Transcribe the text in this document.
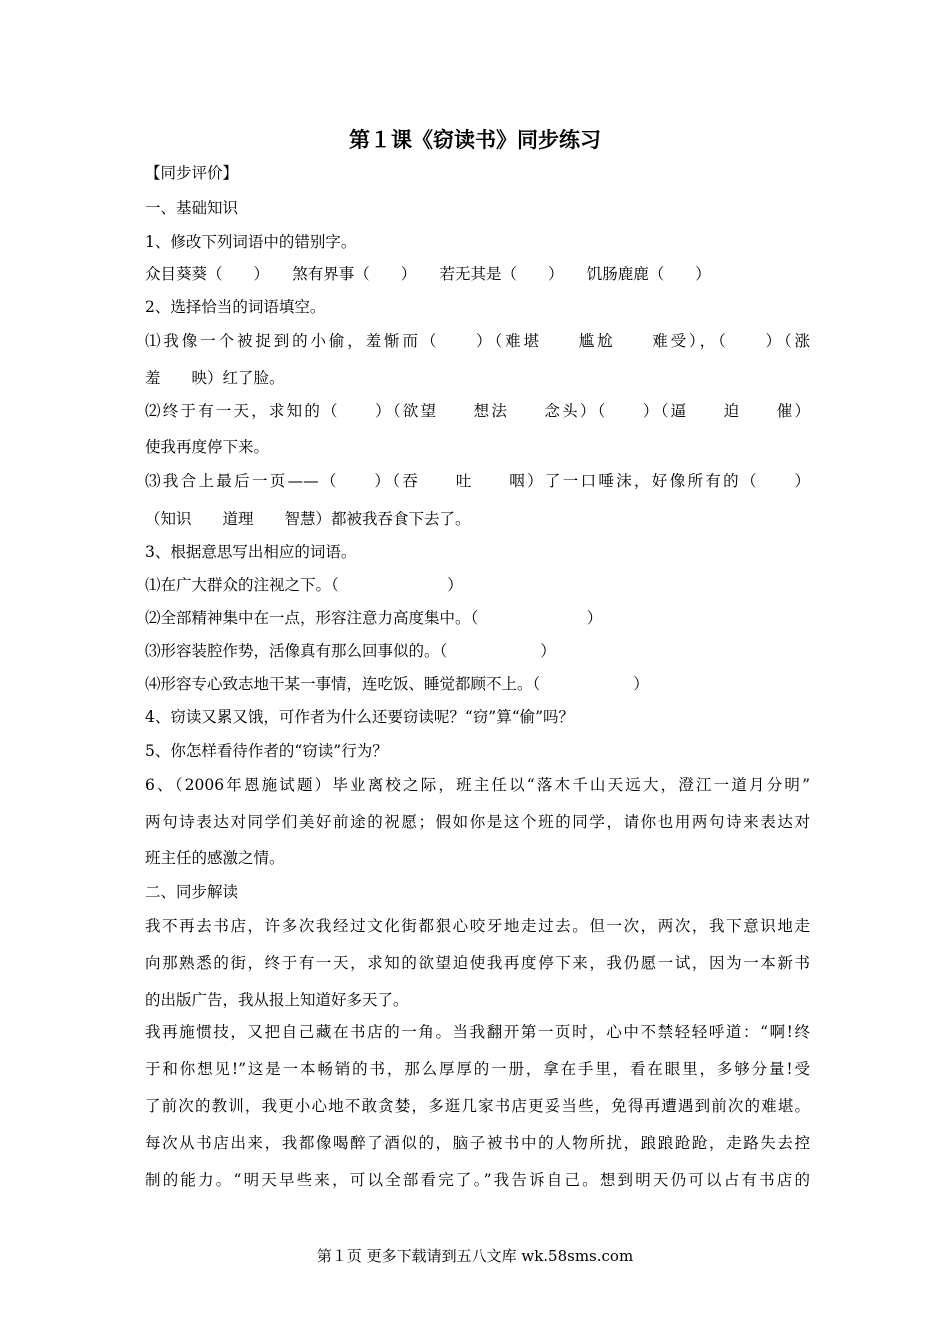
第１课《窃读书》同步练习
【同步评价】
一、基础知识
1、修改下列词语中的错别字。
众目葵葵（　　）　　煞有界事（　　）　　若无其是（　　）　　饥肠鹿鹿（　　）
2、选择恰当的词语填空。
⑴我像一个被捉到的小偷，羞惭而（　　）（难堪　　尴尬　　难受），（　　）（涨
羞　　映）红了脸。
⑵终于有一天，求知的（　　）（欲望　　想法　　念头）（　　）（逼　　迫　　催）
使我再度停下来。
⑶我合上最后一页——（　　）（吞　　吐　　咽）了一口唾沫，好像所有的（　　）
（知识　　道理　　智慧）都被我吞食下去了。
3、根据意思写出相应的词语。
⑴在广大群众的注视之下。（　　　　　　　）
⑵全部精神集中在一点，形容注意力高度集中。（　　　　　　　）
⑶形容装腔作势，活像真有那么回事似的。（　　　　　　）
⑷形容专心致志地干某一事情，连吃饭、睡觉都顾不上。（　　　　　　）
4、窃读又累又饿，可作者为什么还要窃读呢？“窃”算“偷”吗？
5、你怎样看待作者的“窃读”行为？
6、（2006年恩施试题）毕业离校之际，班主任以“落木千山天远大，澄江一道月分明”
两句诗表达对同学们美好前途的祝愿；假如你是这个班的同学，请你也用两句诗来表达对
班主任的感激之情。
二、同步解读
我不再去书店，许多次我经过文化街都狠心咬牙地走过去。但一次，两次，我下意识地走
向那熟悉的街，终于有一天，求知的欲望迫使我再度停下来，我仍愿一试，因为一本新书
的出版广告，我从报上知道好多天了。
我再施惯技，又把自己藏在书店的一角。当我翻开第一页时，心中不禁轻轻呼道：“啊!终
于和你想见!”这是一本畅销的书，那么厚厚的一册，拿在手里，看在眼里，多够分量!受
了前次的教训，我更小心地不敢贪婪，多逛几家书店更妥当些，免得再遭遇到前次的难堪。
每次从书店出来，我都像喝醉了酒似的，脑子被书中的人物所扰，踉踉跄跄，走路失去控
制的能力。“明天早些来，可以全部看完了。”我告诉自己。想到明天仍可以占有书店的
第１页 更多下载请到五八文库 wk.58sms.com
